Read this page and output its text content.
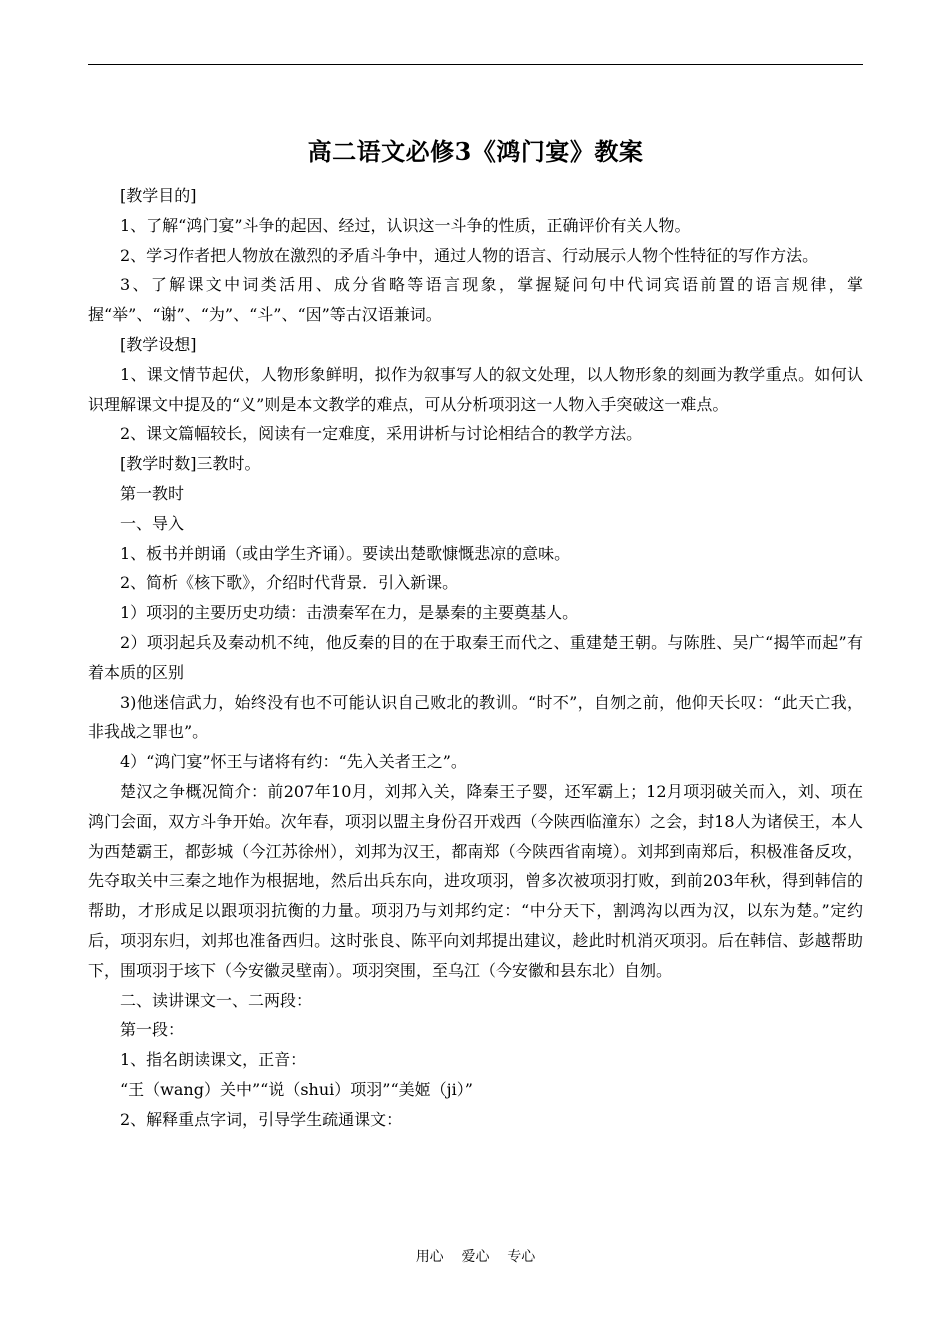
高二语文必修3《鸿门宴》教案

[教学目的]

1、了解“鸿门宴”斗争的起因、经过，认识这一斗争的性质，正确评价有关人物。

2、学习作者把人物放在激烈的矛盾斗争中，通过人物的语言、行动展示人物个性特征的写作方法。

3、了解课文中词类活用、成分省略等语言现象，掌握疑问句中代词宾语前置的语言规律，掌握“举”、“谢”、“为”、“斗”、“因”等古汉语兼词。

[教学设想]

1、课文情节起伏，人物形象鲜明，拟作为叙事写人的叙文处理，以人物形象的刻画为教学重点。如何认识理解课文中提及的“义”则是本文教学的难点，可从分析项羽这一人物入手突破这一难点。

2、课文篇幅较长，阅读有一定难度，采用讲析与讨论相结合的教学方法。

[教学时数]三教时。

第一教时

一、导入

1、板书并朗诵（或由学生齐诵）。要读出楚歌慷慨悲凉的意味。

2、简析《核下歌》，介绍时代背景．引入新课。

1）项羽的主要历史功绩：击溃秦军在力，是暴秦的主要奠基人。

2）项羽起兵及秦动机不纯，他反秦的目的在于取秦王而代之、重建楚王朝。与陈胜、吴广“揭竿而起”有着本质的区别

3)他迷信武力，始终没有也不可能认识自己败北的教训。“时不”，自刎之前，他仰天长叹：“此天亡我，非我战之罪也”。

4）“鸿门宴”怀王与诸将有约：“先入关者王之”。

楚汉之争概况简介：前207年10月，刘邦入关，降秦王子婴，还军霸上；12月项羽破关而入，刘、项在鸿门会面，双方斗争开始。次年春，项羽以盟主身份召开戏西（今陕西临潼东）之会，封18人为诸侯王，本人为西楚霸王，都彭城（今江苏徐州），刘邦为汉王，都南郑（今陕西省南境）。刘邦到南郑后，积极准备反攻，先夺取关中三秦之地作为根据地，然后出兵东向，进攻项羽，曾多次被项羽打败，到前203年秋，得到韩信的帮助，才形成足以跟项羽抗衡的力量。项羽乃与刘邦约定：“中分天下，割鸿沟以西为汉，以东为楚。”定约后，项羽东归，刘邦也准备西归。这时张良、陈平向刘邦提出建议，趁此时机消灭项羽。后在韩信、彭越帮助下，围项羽于垓下（今安徽灵壁南）。项羽突围，至乌江（今安徽和县东北）自刎。

二、读讲课文一、二两段：

第一段：

1、指名朗读课文，正音：

“王（wang）关中”“说（shui）项羽”“美姬（ji）”

2、解释重点字词，引导学生疏通课文：

用心    爱心    专心
